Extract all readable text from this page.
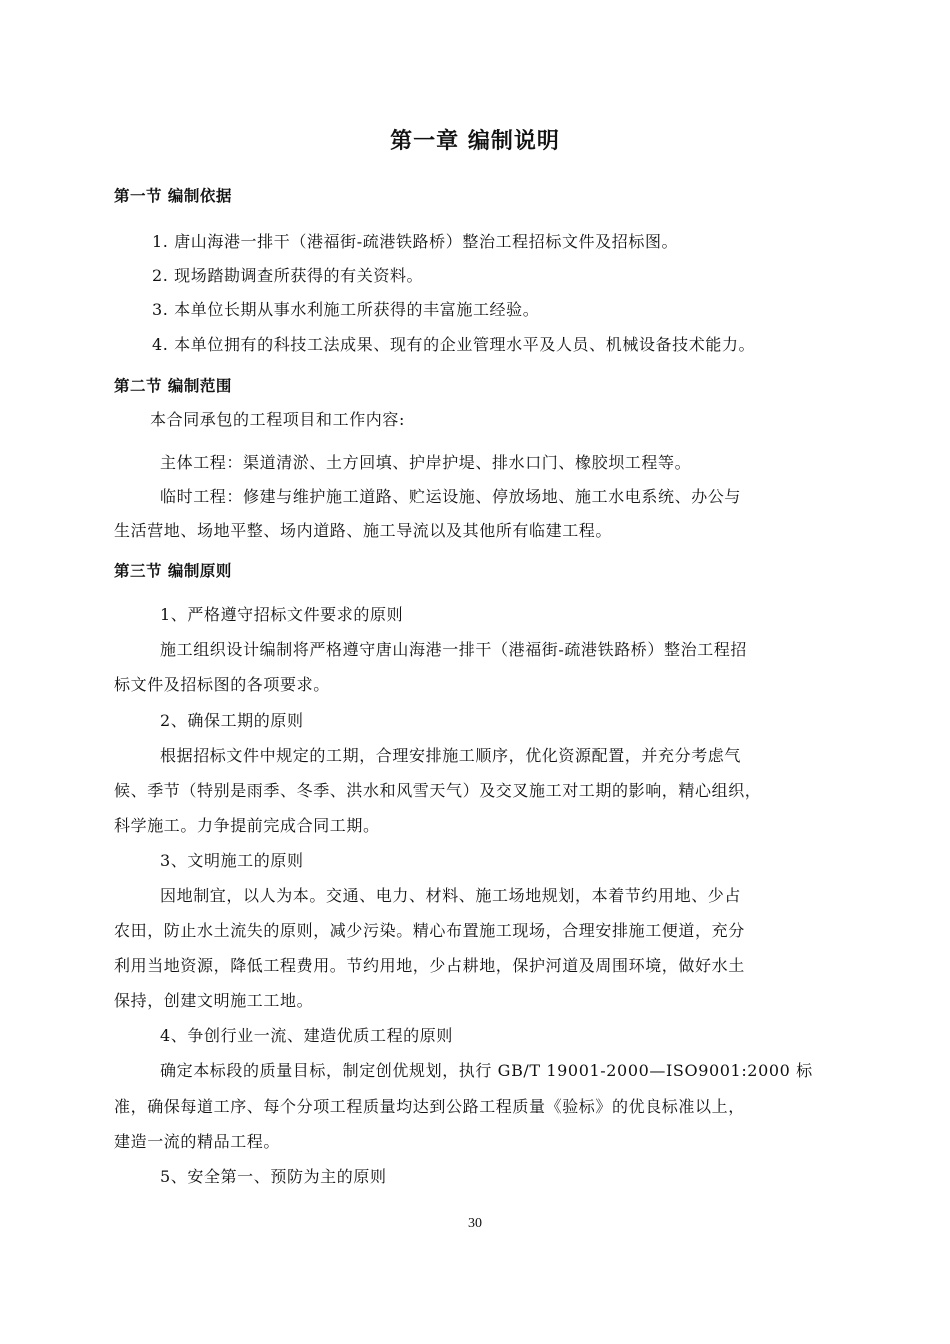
第一章 编制说明
第一节 编制依据
1. 唐山海港一排干（港福街-疏港铁路桥）整治工程招标文件及招标图。
2. 现场踏勘调查所获得的有关资料。
3. 本单位长期从事水利施工所获得的丰富施工经验。
4. 本单位拥有的科技工法成果、现有的企业管理水平及人员、机械设备技术能力。
第二节 编制范围
本合同承包的工程项目和工作内容:
主体工程：渠道清淤、土方回填、护岸护堤、排水口门、橡胶坝工程等。
临时工程：修建与维护施工道路、贮运设施、停放场地、施工水电系统、办公与
生活营地、场地平整、场内道路、施工导流以及其他所有临建工程。
第三节 编制原则
1、严格遵守招标文件要求的原则
施工组织设计编制将严格遵守唐山海港一排干（港福街-疏港铁路桥）整治工程招
标文件及招标图的各项要求。
2、确保工期的原则
根据招标文件中规定的工期，合理安排施工顺序，优化资源配置，并充分考虑气
候、季节（特别是雨季、冬季、洪水和风雪天气）及交叉施工对工期的影响，精心组织，
科学施工。力争提前完成合同工期。
3、文明施工的原则
因地制宜，以人为本。交通、电力、材料、施工场地规划，本着节约用地、少占
农田，防止水土流失的原则，减少污染。精心布置施工现场，合理安排施工便道，充分
利用当地资源，降低工程费用。节约用地，少占耕地，保护河道及周围环境，做好水土
保持，创建文明施工工地。
4、争创行业一流、建造优质工程的原则
确定本标段的质量目标，制定创优规划，执行 GB/T 19001-2000—ISO9001:2000 标
准，确保每道工序、每个分项工程质量均达到公路工程质量《验标》的优良标准以上，
建造一流的精品工程。
5、安全第一、预防为主的原则
30
